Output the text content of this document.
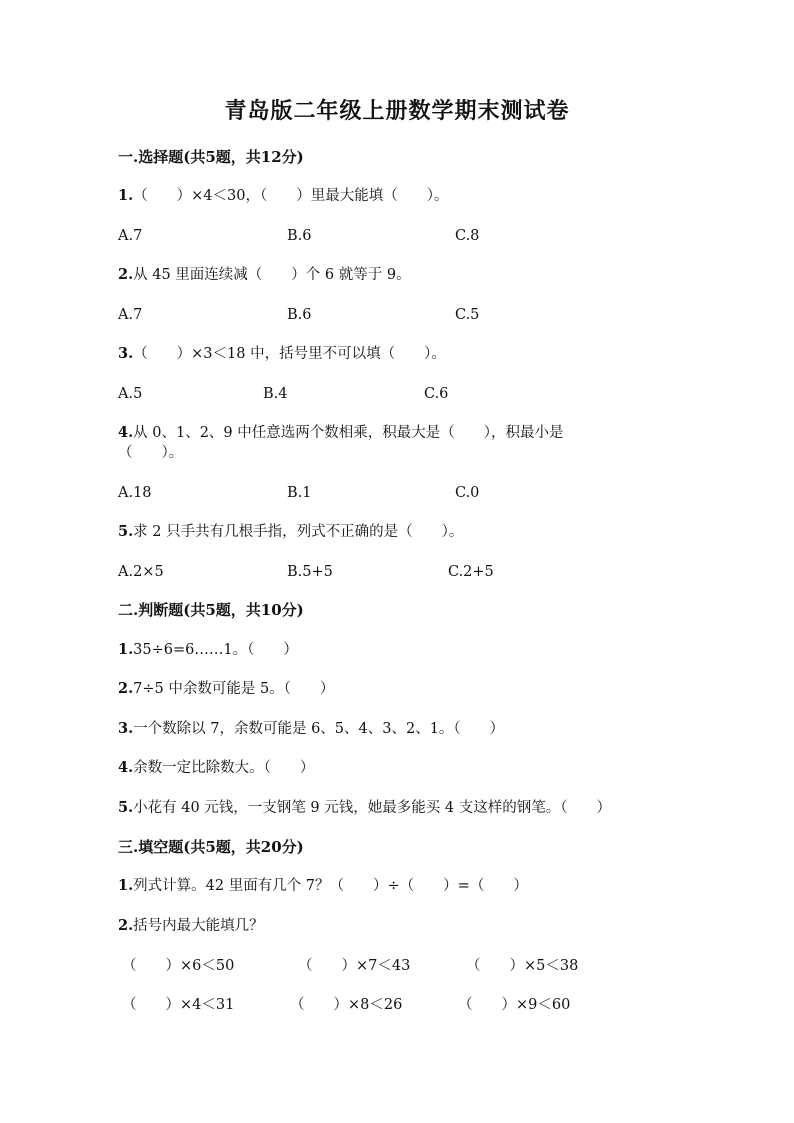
青岛版二年级上册数学期末测试卷
一.选择题(共5题，共12分)
1.（　　）×4＜30，（　　）里最大能填（　　）。
A.7	B.6	C.8
2.从 45 里面连续减（　　）个 6 就等于 9。
A.7	B.6	C.5
3.（　　）×3＜18 中，括号里不可以填（　　）。
A.5	B.4	C.6
4.从 0、1、2、9 中任意选两个数相乘，积最大是（　　），积最小是
（　　）。
A.18	B.1	C.0
5.求 2 只手共有几根手指，列式不正确的是（　　）。
A.2×5	B.5+5	C.2+5
二.判断题(共5题，共10分)
1.35÷6=6……1。（　　）
2.7÷5 中余数可能是 5。（　　）
3.一个数除以 7，余数可能是 6、5、4、3、2、1。（　　）
4.余数一定比除数大。（　　）
5.小花有 40 元钱，一支钢笔 9 元钱，她最多能买 4 支这样的钢笔。（　　）
三.填空题(共5题，共20分)
1.列式计算。42 里面有几个 7？（　　）÷（　　）=（　　）
2.括号内最大能填几？
（　　）×6＜50	（　　）×7＜43	（　　）×5＜38
（　　）×4＜31	（　　）×8＜26	（　　）×9＜60
